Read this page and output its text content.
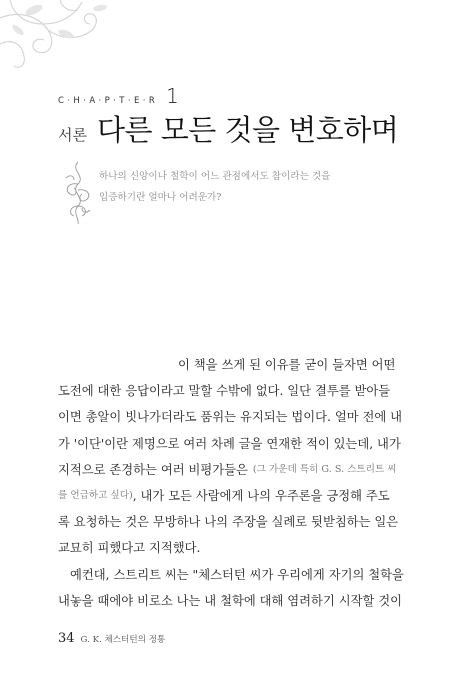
C·H·A·P·T·E·R 1
서론 다른 모든 것을 변호하며
하나의 신앙이나 철학이 어느 관점에서도 참이라는 것을
입증하기란 얼마나 어려운가?
이 책을 쓰게 된 이유를 굳이 들자면 어떤
도전에 대한 응답이라고 말할 수밖에 없다. 일단 결투를 받아들
이면 총알이 빗나가더라도 품위는 유지되는 법이다. 얼마 전에 내
가 '이단'이란 제명으로 여러 차례 글을 연재한 적이 있는데, 내가
지적으로 존경하는 여러 비평가들은 (그 가운데 특히 G. S. 스트리트 씨
를 언급하고 싶다) , 내가 모든 사람에게 나의 우주론을 긍정해 주도
록 요청하는 것은 무방하나 나의 주장을 실례로 뒷받침하는 일은
교묘히 피했다고 지적했다.
예컨대, 스트리트 씨는 "체스터턴 씨가 우리에게 자기의 철학을
내놓을 때에야 비로소 나는 내 철학에 대해 염려하기 시작할 것이
34 G. K. 체스터턴의 정통
